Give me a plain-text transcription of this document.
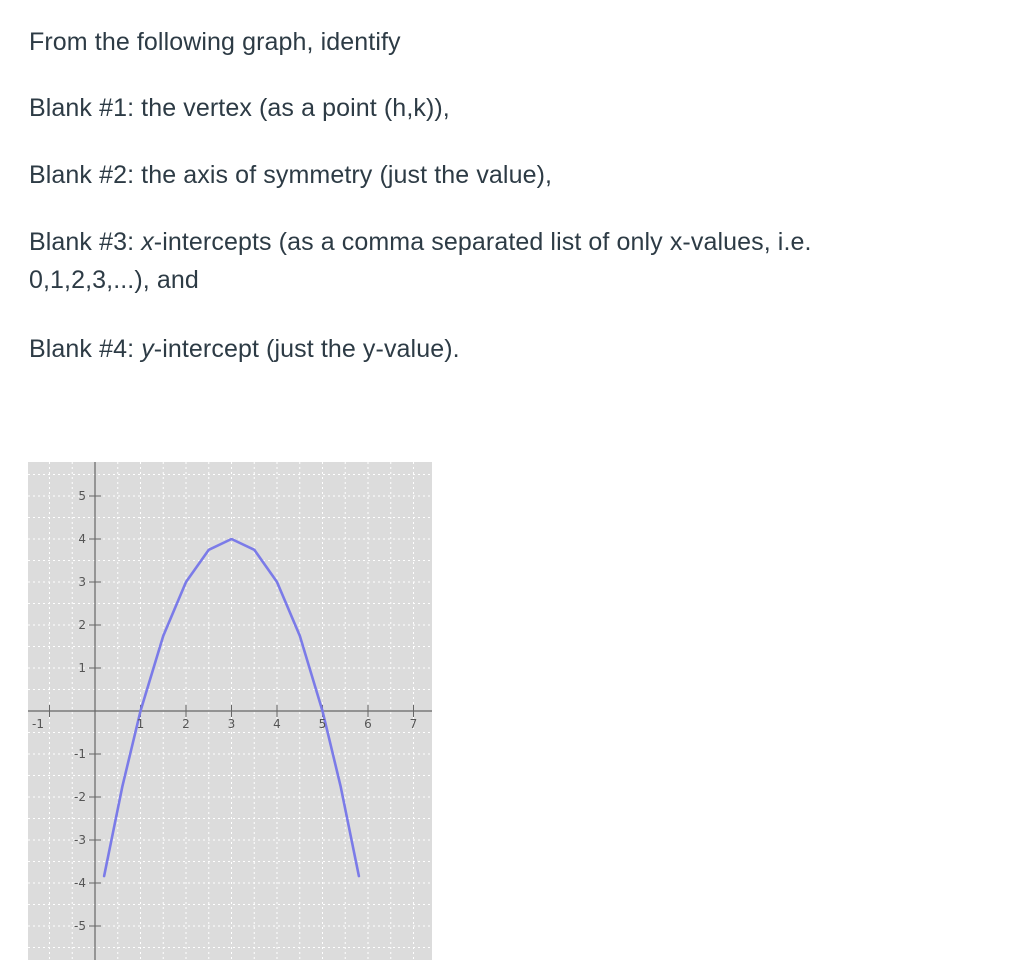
From the following graph, identify

Blank #1: the vertex (as a point (h,k)),

Blank #2: the axis of symmetry (just the value),

Blank #3: x-intercepts (as a comma separated list of only x-values, i.e. 0,1,2,3,...), and

Blank #4: y-intercept (just the y-value).

-1	1	2	3	4	5	6	7
5
4
3
2
1
-1
-2
-3
-4
-5
